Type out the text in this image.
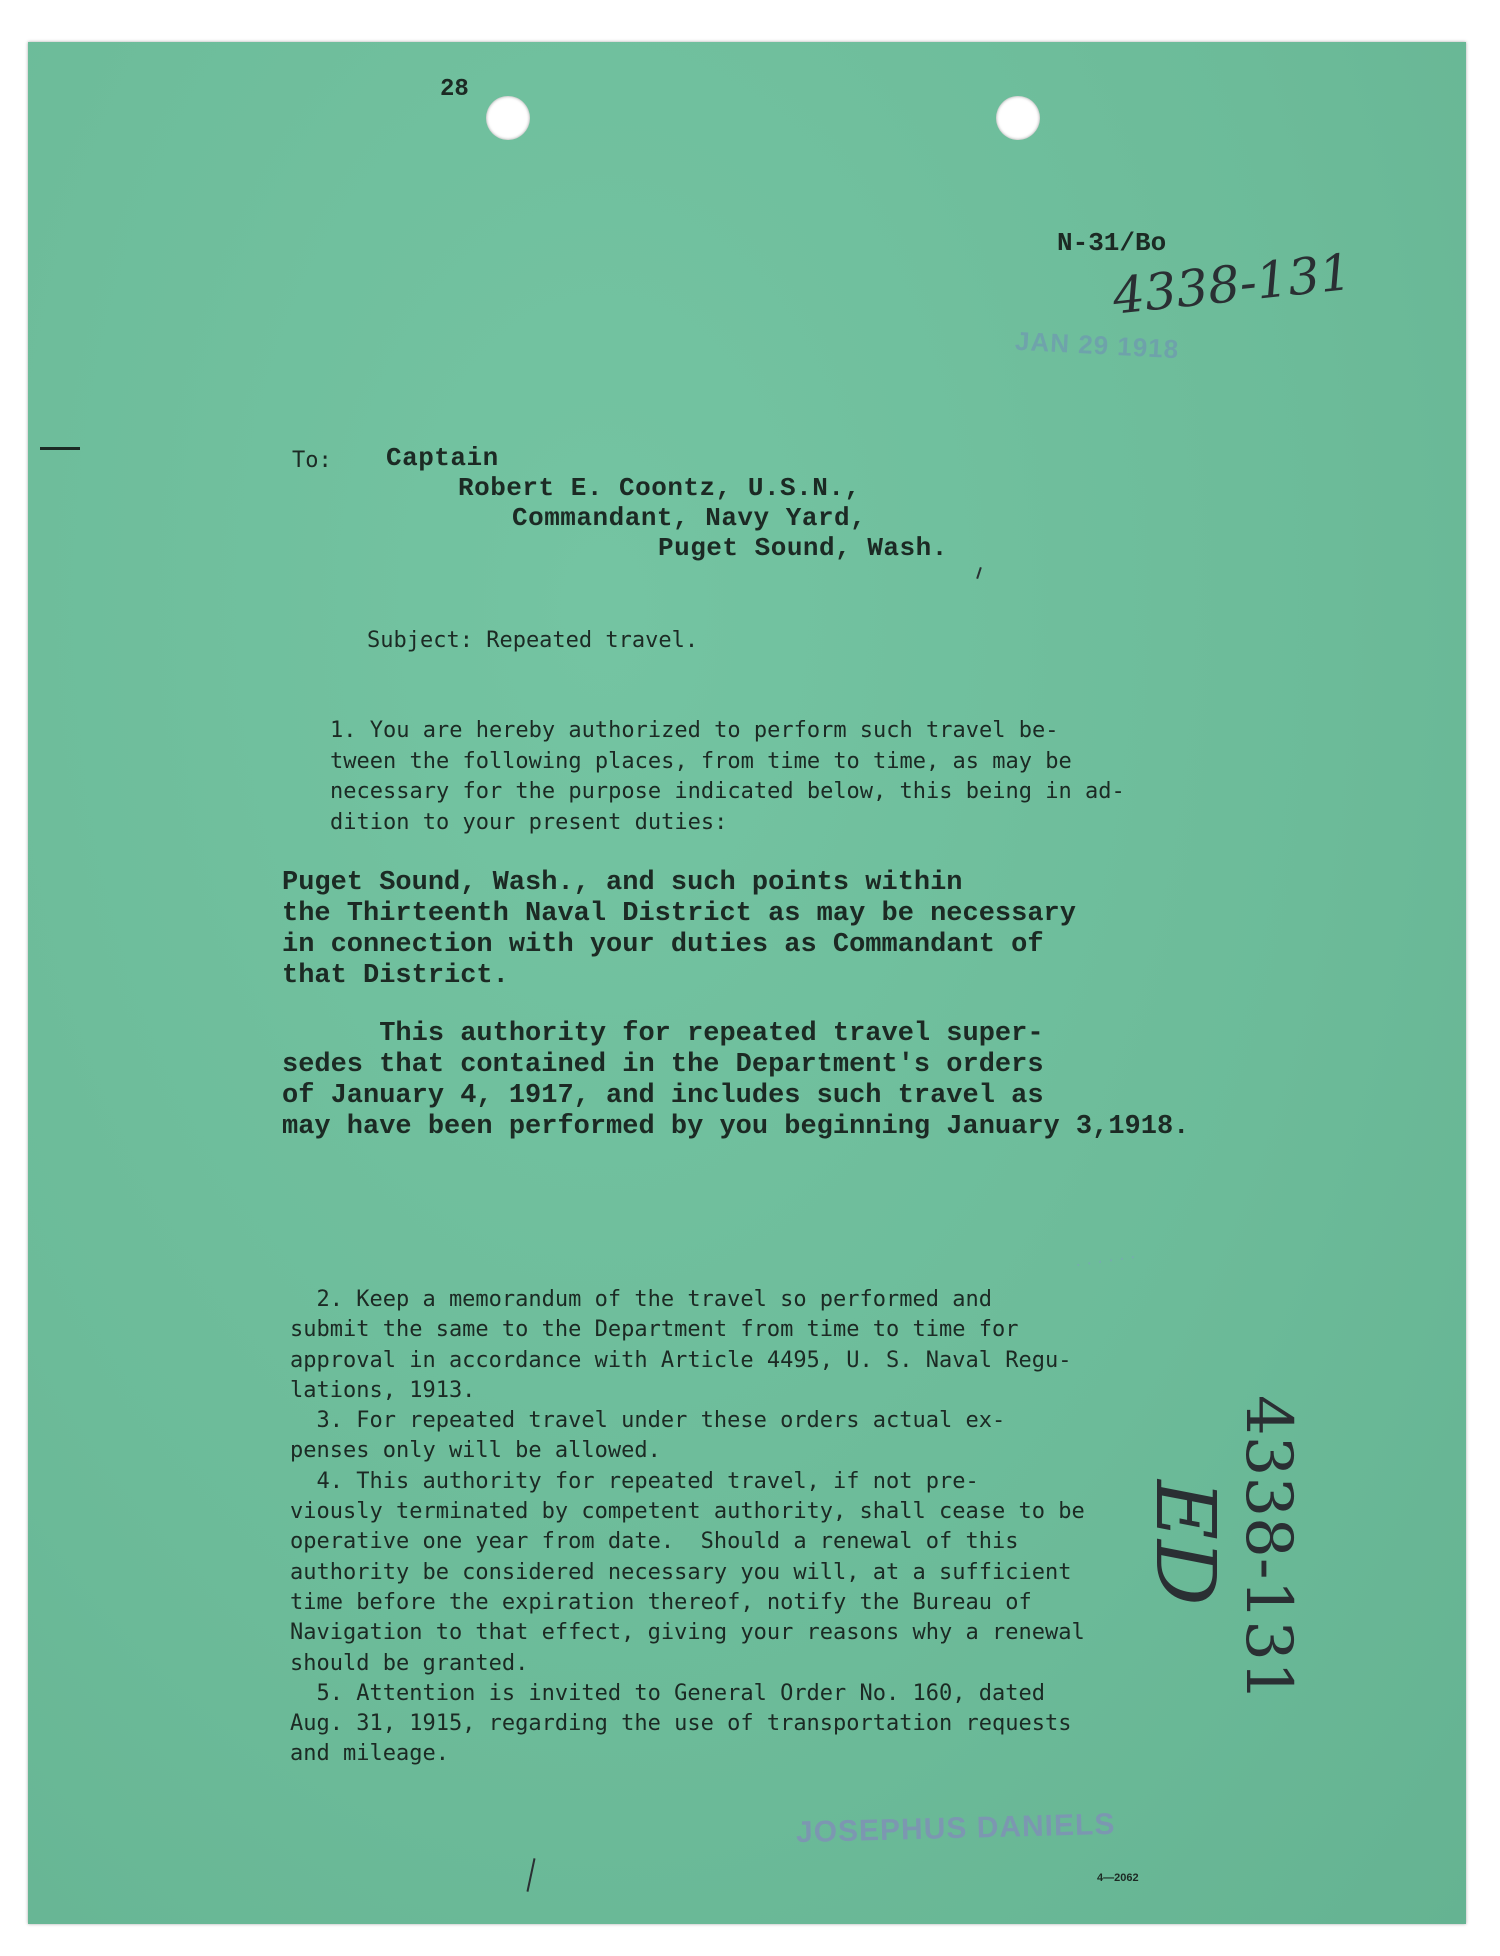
28
N-31/Bo
4338-131
JAN 29 1918
To: Captain
Robert E. Coontz, U.S.N.,
Commandant, Navy Yard,
Puget Sound, Wash.
Subject: Repeated travel.
1. You are hereby authorized to perform such travel be-
tween the following places, from time to time, as may be
necessary for the purpose indicated below, this being in ad-
dition to your present duties:
Puget Sound, Wash., and such points within
the Thirteenth Naval District as may be necessary
in connection with your duties as Commandant of
that District.
This authority for repeated travel super-
sedes that contained in the Department's orders
of January 4, 1917, and includes such travel as
may have been performed by you beginning January 3,1918.
· · · · · ·
2. Keep a memorandum of the travel so performed and
submit the same to the Department from time to time for
approval in accordance with Article 4495, U. S. Naval Regu-
lations, 1913.
3. For repeated travel under these orders actual ex-
penses only will be allowed.
4. This authority for repeated travel, if not pre-
viously terminated by competent authority, shall cease to be
operative one year from date.  Should a renewal of this
authority be considered necessary you will, at a sufficient
time before the expiration thereof, notify the Bureau of
Navigation to that effect, giving your reasons why a renewal
should be granted.
5. Attention is invited to General Order No. 160, dated
Aug. 31, 1915, regarding the use of transportation requests
and mileage.
4338-131
ED
JOSEPHUS DANIELS
4—2062
